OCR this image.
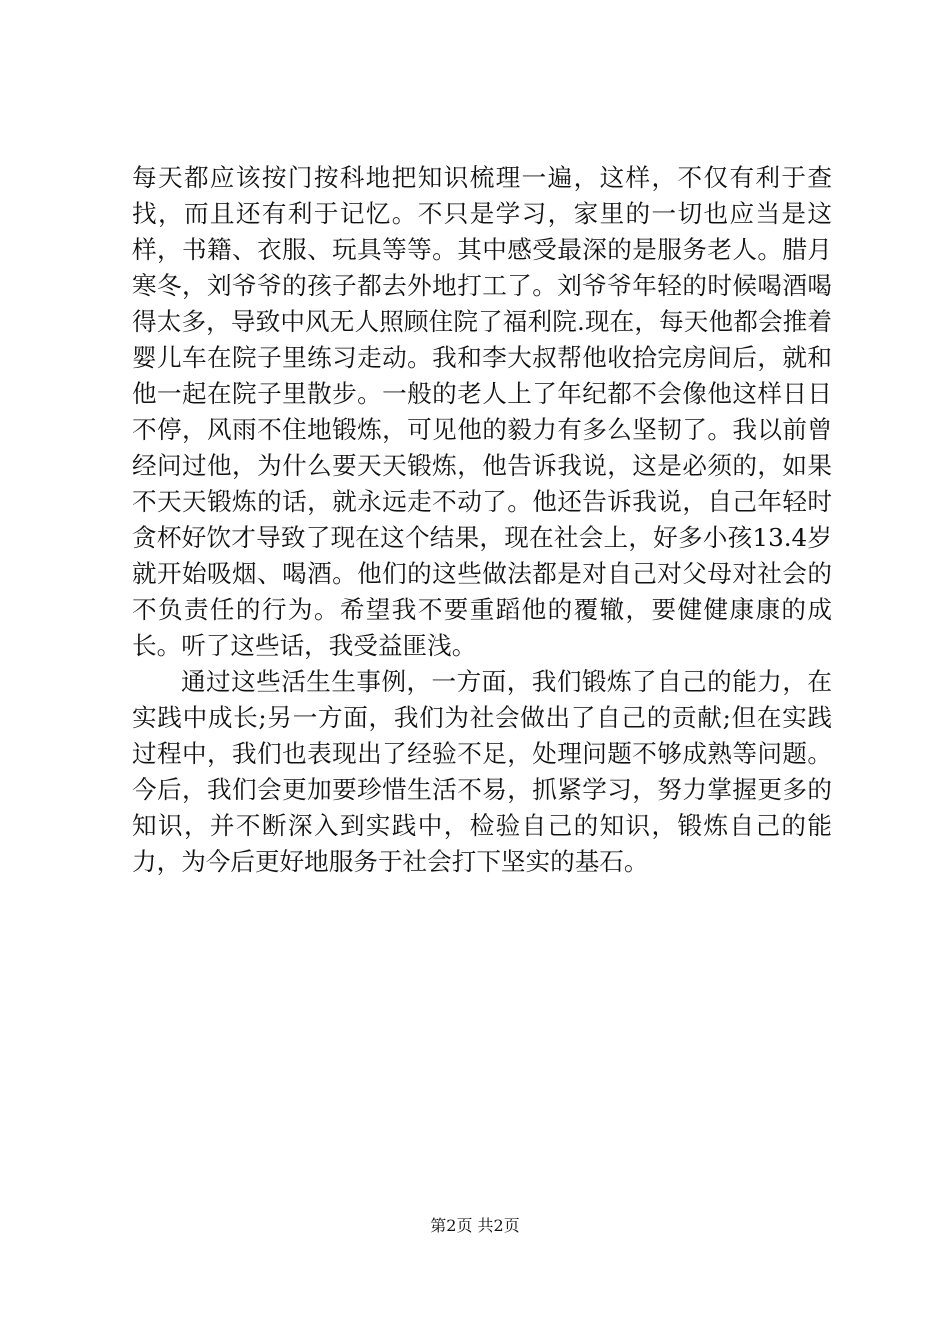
每天都应该按门按科地把知识梳理一遍，这样，不仅有利于查找，而且还有利于记忆。不只是学习，家里的一切也应当是这样，书籍、衣服、玩具等等。其中感受最深的是服务老人。腊月寒冬，刘爷爷的孩子都去外地打工了。刘爷爷年轻的时候喝酒喝得太多，导致中风无人照顾住院了福利院.现在，每天他都会推着婴儿车在院子里练习走动。我和李大叔帮他收拾完房间后，就和他一起在院子里散步。一般的老人上了年纪都不会像他这样日日不停，风雨不住地锻炼，可见他的毅力有多么坚韧了。我以前曾经问过他，为什么要天天锻炼，他告诉我说，这是必须的，如果不天天锻炼的话，就永远走不动了。他还告诉我说，自己年轻时贪杯好饮才导致了现在这个结果，现在社会上，好多小孩13.4岁就开始吸烟、喝酒。他们的这些做法都是对自己对父母对社会的不负责任的行为。希望我不要重蹈他的覆辙，要健健康康的成长。听了这些话，我受益匪浅。

通过这些活生生事例，一方面，我们锻炼了自己的能力，在实践中成长;另一方面，我们为社会做出了自己的贡献;但在实践过程中，我们也表现出了经验不足，处理问题不够成熟等问题。今后，我们会更加要珍惜生活不易，抓紧学习，努力掌握更多的知识，并不断深入到实践中，检验自己的知识，锻炼自己的能力，为今后更好地服务于社会打下坚实的基石。

第2页 共2页
